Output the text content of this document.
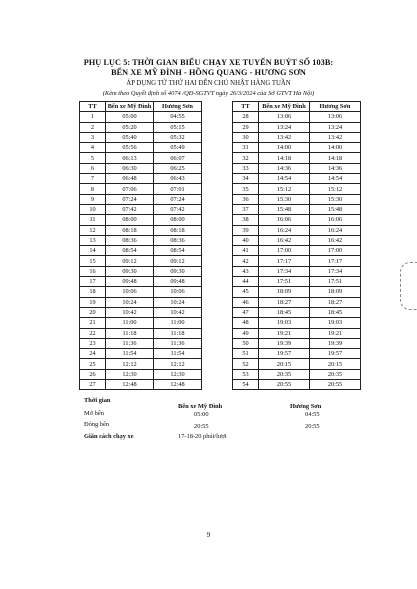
PHỤ LỤC 5: THỜI GIAN BIỂU CHẠY XE TUYẾN BUÝT SỐ 103B:
BẾN XE MỸ ĐÌNH - HỒNG QUANG - HƯƠNG SƠN
ÁP DỤNG TỪ THỨ HAI ĐẾN CHỦ NHẬT HÀNG TUẦN
(Kèm theo Quyết định số 4074 /QĐ-SGTVT ngày 26/3/2024 của Sở GTVT Hà Nội)
TT	Bến xe Mỹ Đình	Hương Sơn
1	05:00	04:55
2	05:20	05:15
3	05:40	05:32
4	05:56	05:49
5	06:13	06:07
6	06:30	06:25
7	06:48	06:43
8	07:06	07:01
9	07:24	07:24
10	07:42	07:42
11	08:00	08:00
12	08:18	08:18
13	08:36	08:36
14	08:54	08:54
15	09:12	09:12
16	09:30	09:30
17	09:48	09:48
18	10:06	10:06
19	10:24	10:24
20	10:42	10:42
21	11:00	11:00
22	11:18	11:18
23	11:36	11:36
24	11:54	11:54
25	12:12	12:12
26	12:30	12:30
27	12:48	12:48
TT	Bến xe Mỹ Đình	Hương Sơn
28	13:06	13:06
29	13:24	13:24
30	13:42	13:42
31	14:00	14:00
32	14:18	14:18
33	14:36	14:36
34	14:54	14:54
35	15:12	15:12
36	15:30	15:30
37	15:48	15:48
38	16:06	16:06
39	16:24	16:24
40	16:42	16:42
41	17:00	17:00
42	17:17	17:17
43	17:34	17:34
44	17:51	17:51
45	18:09	18:09
46	18:27	18:27
47	18:45	18:45
48	19:03	19:03
49	19:21	19:21
50	19:39	19:39
51	19:57	19:57
52	20:15	20:15
53	20:35	20:35
54	20:55	20:55
Thời gian
Bến xe Mỹ Đình	Hương Sơn
Mở bến	05:00	04:55
Đóng bến	20:55	20:55
Giãn cách chạy xe	17-18-20 phút/lượt
9
